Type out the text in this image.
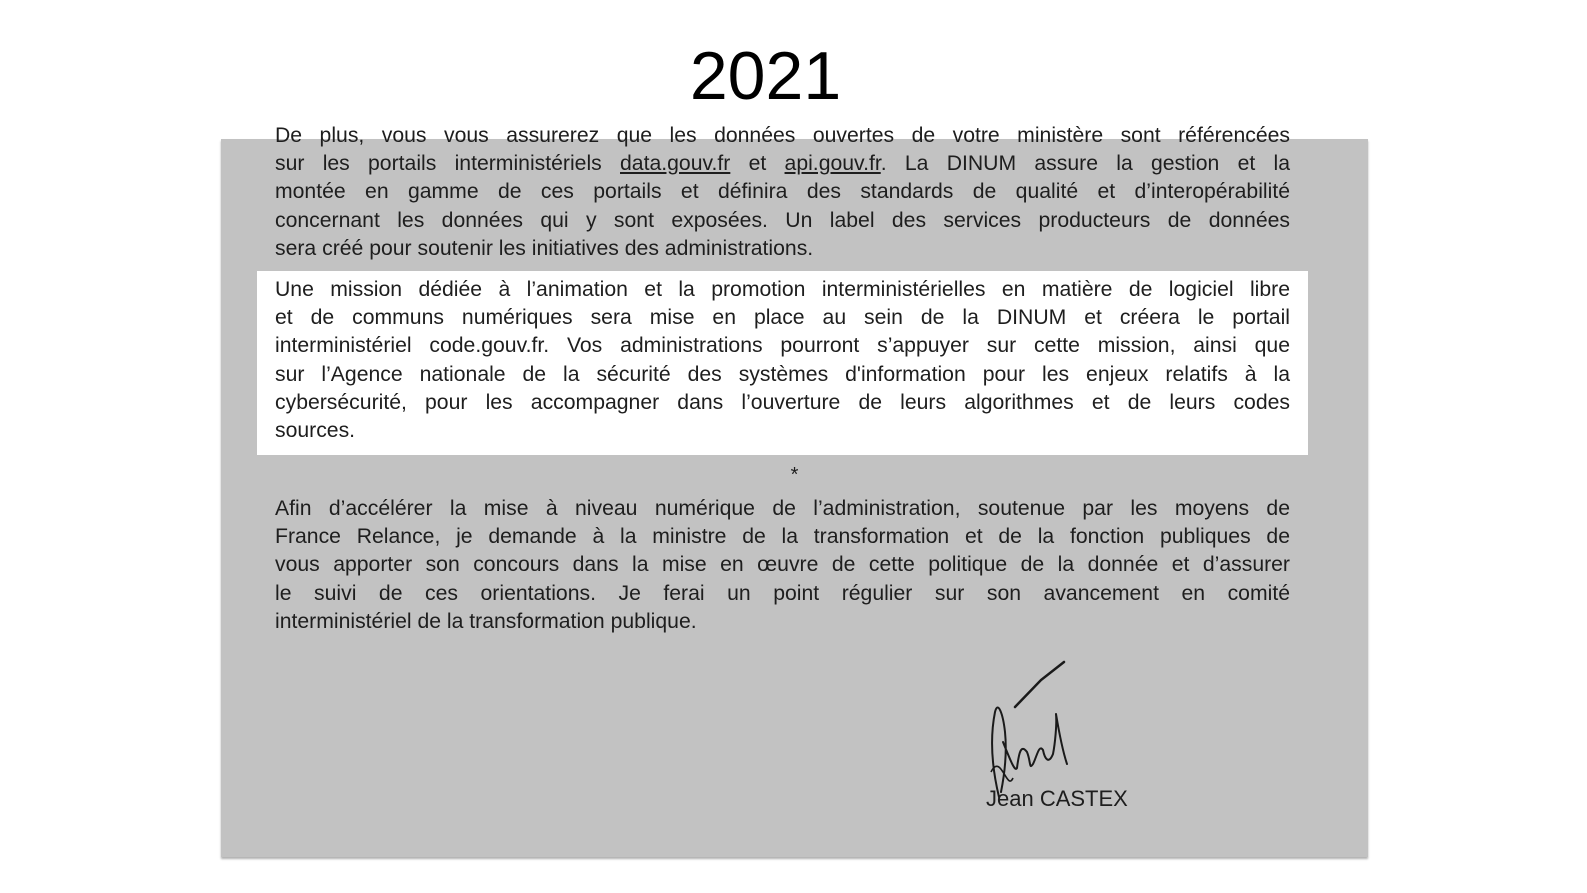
2021
De plus, vous vous assurerez que les données ouvertes de votre ministère sont référencées
sur les portails interministériels data.gouv.fr et api.gouv.fr. La DINUM assure la gestion et la
montée en gamme de ces portails et définira des standards de qualité et d’interopérabilité
concernant les données qui y sont exposées. Un label des services producteurs de données
sera créé pour soutenir les initiatives des administrations.
Une mission dédiée à l’animation et la promotion interministérielles en matière de logiciel libre
et de communs numériques sera mise en place au sein de la DINUM et créera le portail
interministériel code.gouv.fr. Vos administrations pourront s’appuyer sur cette mission, ainsi que
sur l’Agence nationale de la sécurité des systèmes d'information pour les enjeux relatifs à la
cybersécurité, pour les accompagner dans l’ouverture de leurs algorithmes et de leurs codes
sources.
*
Afin d’accélérer la mise à niveau numérique de l’administration, soutenue par les moyens de
France Relance, je demande à la ministre de la transformation et de la fonction publiques de
vous apporter son concours dans la mise en œuvre de cette politique de la donnée et d’assurer
le suivi de ces orientations. Je ferai un point régulier sur son avancement en comité
interministériel de la transformation publique.
Jean CASTEX
